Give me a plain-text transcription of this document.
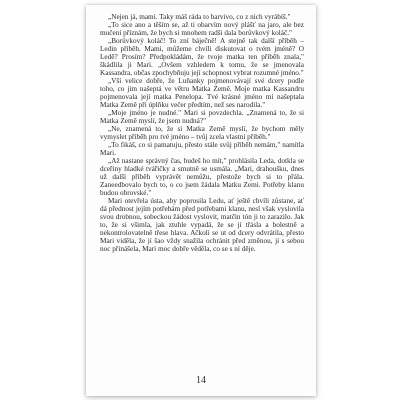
„Nejen já, mami. Taky máš ráda to barvivo, co z nich vyrábíš."

„To sice ano a těším se, až ti obarvím nový plášť na jaro, ale bez mučení příznám, že bych si mnohem radši dala borůvkový koláč."

„Borůvkový koláč! To zní báječně! A stejně tak další příběh – Ledin příběh. Mami, můžeme chvíli diskutovat o tvém jméně? O Ledě? Prosím? Předpokládám, že tvoje matka ten příběh znala," škádlila ji Mari. „Ovšem vzhledem k tomu, že se jmenovala Kassandra, občas zpochybňuju její schopnost vybrat rozumné jméno."

„Vší velice dobře, že Luňanky pojmenovávají své dcery podle toho, co jim našeptá ve větru Matka Země. Moje matka Kassandru pojmenovala její matka Penelopa. Tvé krásné jméno mi našeptala Matka Země při úplňku večer předtím, než ses narodila."

„Moje jméno je nudné." Mari si povzdechla. „Znamená to, že si Matka Země myslí, že jsem nudná?"

„Ne, znamená to, že si Matka Země myslí, že bychom měly vymyslet příběh pro tvé jméno – tvůj zcela vlastní příběh."

„To fikáš, co si pamatuju, přesto stále svůj příběh nemám," namítla Mari.

„Až nastane správný čas, budeš ho mít," prohlásila Leda, dotkla se dceřiny hladké tvářičky a smutně se usmála. „Mari, drahoušku, dnes už další příběh vyprávět nemůžu, přestože bych si to přála. Zaneedbovalo bych to, o co jsem žádala Matku Zemi. Potřeby klanu budou obrovské."

Mari otevřela ústa, aby poprosila Ledu, ať ještě chvíli zůstane, ať dá přednost jejím potřebám před potřebami klanu, nesl však vyslovila svou drobnou, sobeckou žádost vyslovit, matčin tón ji to zarazilo. Jak to, že si všimla, jak ztuhle vypadá, že se jí třásla a bolestně a nekontrolovatelně třese hlava. Ačkoli se ut od dcery odvrátila, přesto Mari viděla, že jí šao vždy snažila ochránit před změnou, jí s sebou noc přinášela, Mari moc dobře věděla, co se s ní děje.

14
